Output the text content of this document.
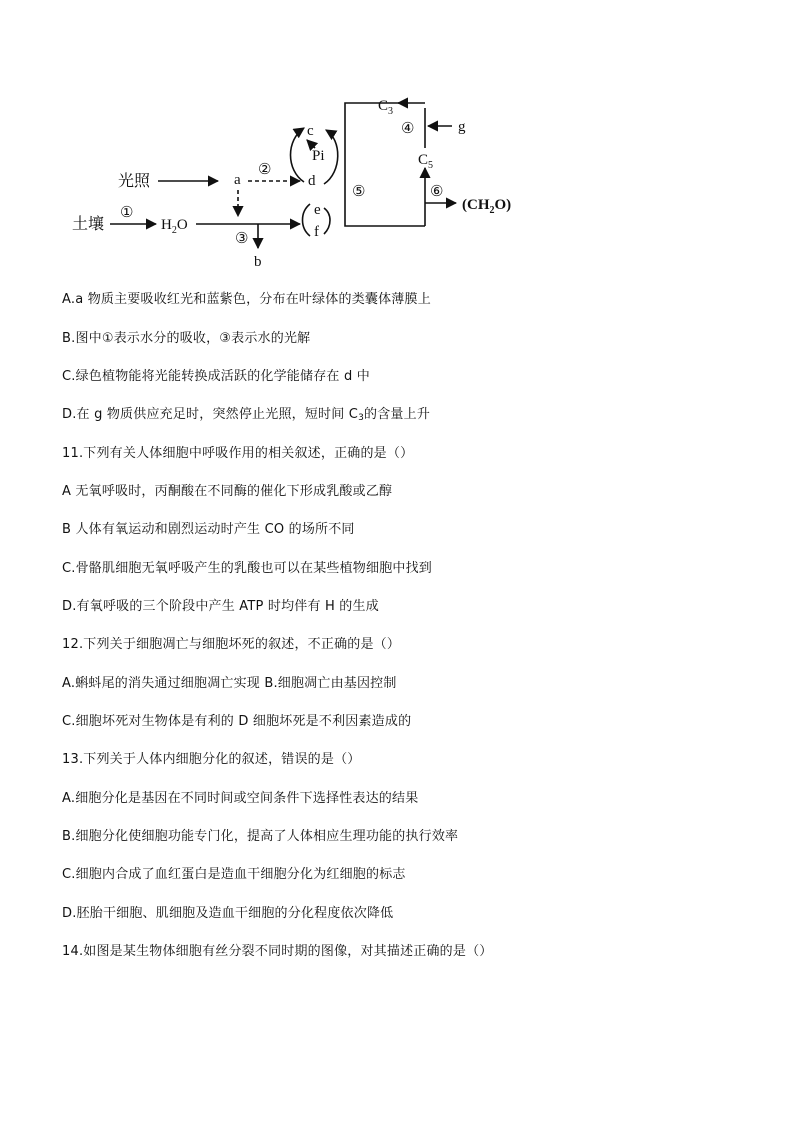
光照	a
②
c
Pi
d
土壤
①
$H_2O$
③
b
e
f
$C_3$
$C_5$
④
⑤
g
⑥
$(CH_2O)$
A.a 物质主要吸收红光和蓝紫色，分布在叶绿体的类囊体薄膜上
B.图中①表示水分的吸收，③表示水的光解
C.绿色植物能将光能转换成活跃的化学能储存在 d 中
D.在 g 物质供应充足时，突然停止光照，短时间 $C_3$的含量上升
11.下列有关人体细胞中呼吸作用的相关叙述，正确的是（）
A 无氧呼吸时，丙酮酸在不同酶的催化下形成乳酸或乙醇
B 人体有氧运动和剧烈运动时产生 CO 的场所不同
C.骨骼肌细胞无氧呼吸产生的乳酸也可以在某些植物细胞中找到
D.有氧呼吸的三个阶段中产生 ATP 时均伴有 H 的生成
12.下列关于细胞凋亡与细胞坏死的叙述，不正确的是（）
A.蝌蚪尾的消失通过细胞凋亡实现 B.细胞凋亡由基因控制
C.细胞坏死对生物体是有利的 D 细胞坏死是不利因素造成的
13.下列关于人体内细胞分化的叙述，错误的是（）
A.细胞分化是基因在不同时间或空间条件下选择性表达的结果
B.细胞分化使细胞功能专门化，提高了人体相应生理功能的执行效率
C.细胞内合成了血红蛋白是造血干细胞分化为红细胞的标志
D.胚胎干细胞、肌细胞及造血干细胞的分化程度依次降低
14.如图是某生物体细胞有丝分裂不同时期的图像，对其描述正确的是（）
